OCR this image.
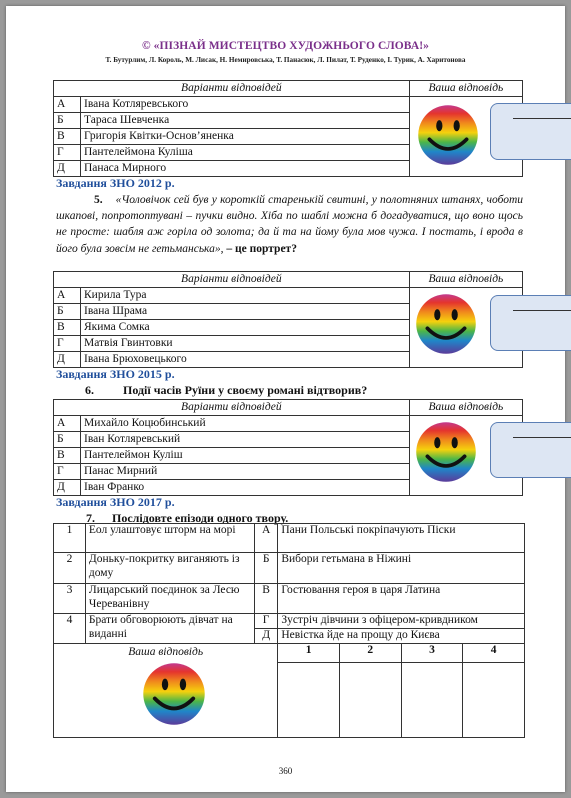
© «ПІЗНАЙ МИСТЕЦТВО ХУДОЖНЬОГО СЛОВА!»
Т. Бутурлим, Л. Король, М. Лисак, Н. Немировська, Т. Панасюк, Л. Пилат, Т. Руденко, І. Турик, А. Харитонова
Варіанти відповідей		Ваша відповідь
А	Івана Котляревського	

Б	Тараса Шевченка	
В	Григорія Квітки-Основ’яненка	
Г	Пантелеймона Куліша	
Д	Панаса Мирного	
Завдання ЗНО 2012 р.
5. «Чоловічок сей був у короткій старенькій свитині, у полотняних штанях, чоботи шкапові, попротоптувані – пучки видно. Хіба по шаблі можна б догадуватися, що воно щось не просте: шабля аж горіла од золота; да й та на йому була мов чужа. І постать, і врода в його була зовсім не гетьманська», – це портрет?
Варіанти відповідей		Ваша відповідь
А	Кирила Тура	

Б	Івана Шрама	
В	Якима Сомка	
Г	Матвія Гвинтовки	
Д	Івана Брюховецького	
Завдання ЗНО 2015 р.
6. Події часів Руїни у своєму романі відтворив?
Варіанти відповідей		Ваша відповідь
А	Михайло Коцюбинський	

Б	Іван Котляревський	
В	Пантелеймон Куліш	
Г	Панас Мирний	
Д	Іван Франко	
Завдання ЗНО 2017 р.
7. Послідовте епізоди одного твору.
1	Еол улаштовує шторм на морі	А	Пани Польські покріпачують Піски			
2	Доньку-покритку виганяють із дому	Б	Вибори гетьмана в Ніжині			
3	Лицарський поєдинок за Лесю Череванівну	В	Гостювання героя в царя Латина			
4	Брати обговорюють дівчат на виданні	Г	Зустріч дівчини з офіцером-кривдником			
		Д	Невістка йде на прощу до Києва			
Ваша відповідь			1	2	3	4

360
